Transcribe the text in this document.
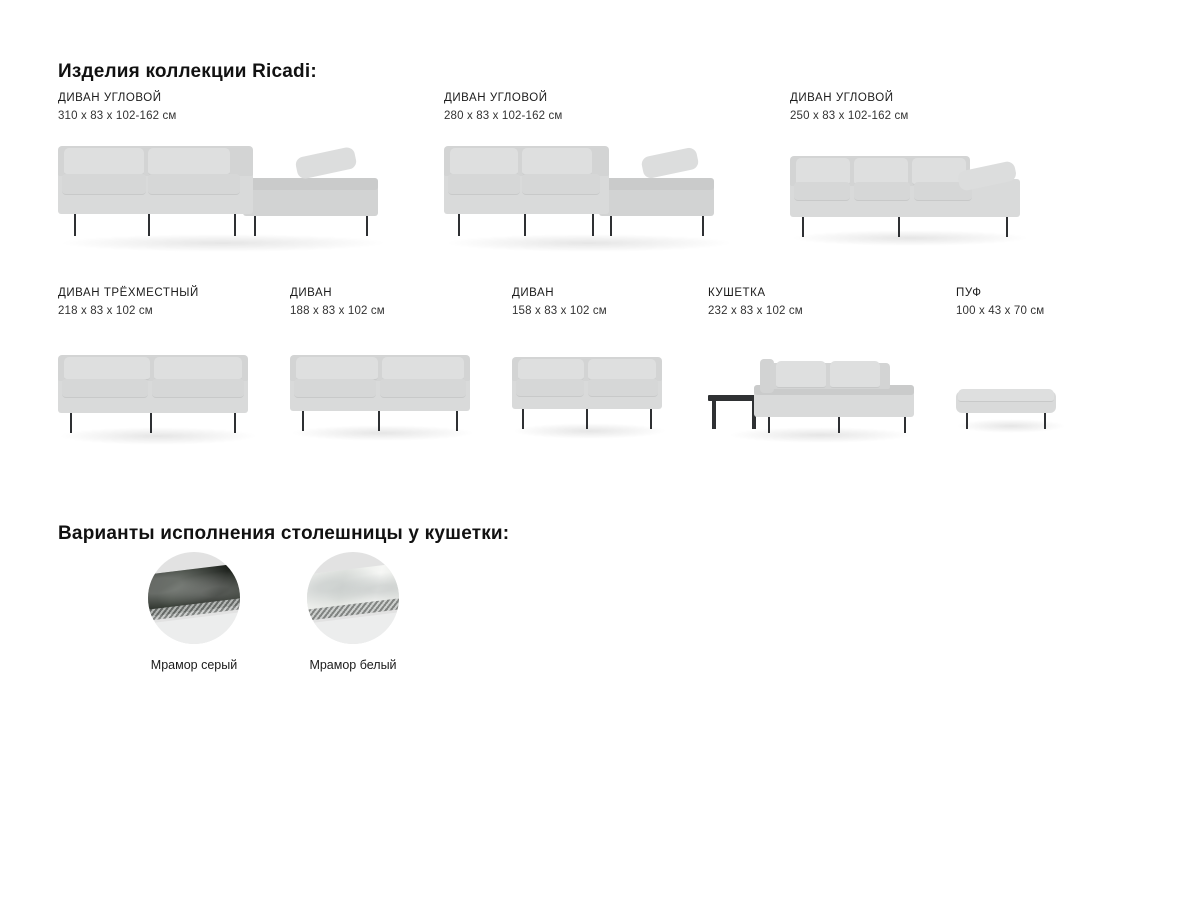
Изделия коллекции Ricadi:
ДИВАН УГЛОВОЙ
310 x 83 x 102-162 см
ДИВАН УГЛОВОЙ
280 x 83 x 102-162 см
ДИВАН УГЛОВОЙ
250 x 83 x 102-162 см
ДИВАН ТРЁХМЕСТНЫЙ
218 x 83 x 102 см
ДИВАН
188 x 83 x 102 см
ДИВАН
158 x 83 x 102 см
КУШЕТКА
232 x 83 x 102 см
ПУФ
100 x 43 x 70 см
Варианты исполнения столешницы у кушетки:
Мрамор серый	Мрамор белый
